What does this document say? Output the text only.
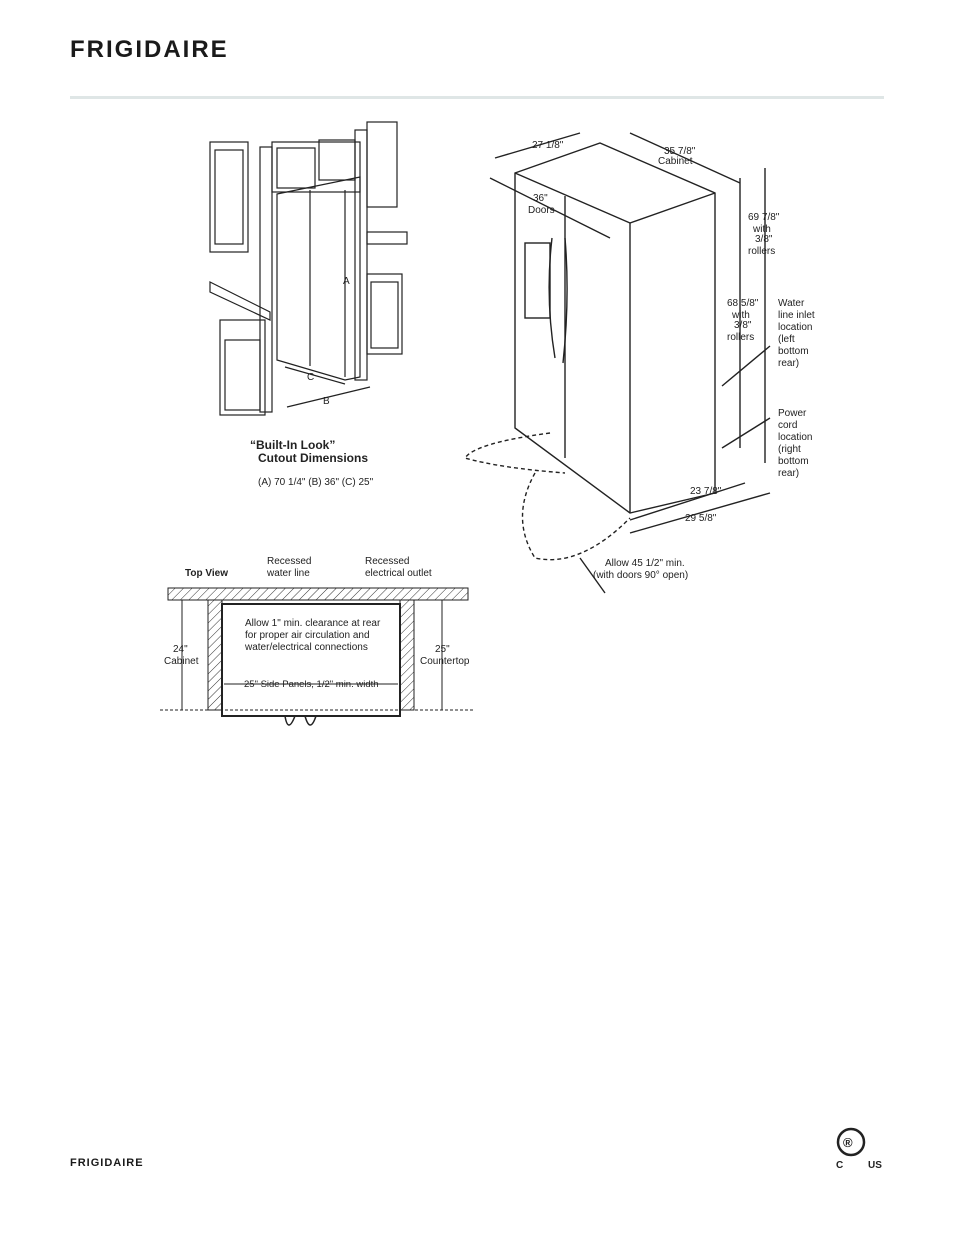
FRIGIDAIRE
A
C
B
“Built-In Look”
Cutout Dimensions
(A) 70 1/4" (B) 36" (C) 25"
27 1/8"
35 7/8"
Cabinet
36"
Doors
69 7/8"
with
3/8"
rollers
68 5/8"
with
3/8"
rollers
Water
line inlet
location
(left
bottom
rear)
Power
cord
location
(right
bottom
rear)
23 7/8"
29 5/8"
Allow 45 1/2" min.
(with doors 90° open)
Top View
Recessed
water line
Recessed
electrical outlet
Allow 1" min. clearance at rear
for proper air circulation and
water/electrical connections
24"
Cabinet
25"
Countertop
25" Side Panels, 1/2" min. width
FRIGIDAIRE
®
C US
